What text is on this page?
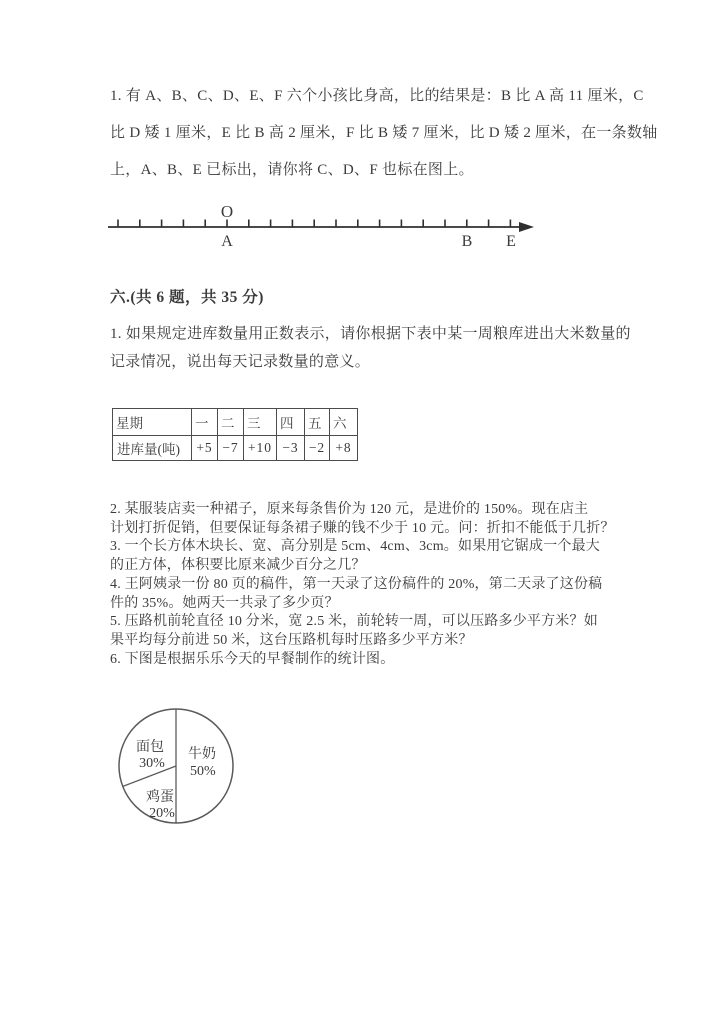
1. 有 A、B、C、D、E、F 六个小孩比身高，比的结果是：B 比 A 高 11 厘米，C
比 D 矮 1 厘米，E 比 B 高 2 厘米，F 比 B 矮 7 厘米，比 D 矮 2 厘米，在一条数轴
上，A、B、E 已标出，请你将 C、D、F 也标在图上。
O
A	B E
六.(共 6 题，共 35 分)
1. 如果规定进库数量用正数表示，请你根据下表中某一周粮库进出大米数量的
记录情况，说出每天记录数量的意义。
星期	一	二	三	四	五	六
进库量(吨)	+5	−7	+10	−3	−2	+8
2. 某服装店卖一种裙子，原来每条售价为 120 元，是进价的 150%。现在店主
计划打折促销，但要保证每条裙子赚的钱不少于 10 元。问：折扣不能低于几折？
3. 一个长方体木块长、宽、高分别是 5cm、4cm、3cm。如果用它锯成一个最大
的正方体，体积要比原来减少百分之几？
4. 王阿姨录一份 80 页的稿件，第一天录了这份稿件的 20%，第二天录了这份稿
件的 35%。她两天一共录了多少页？
5. 压路机前轮直径 10 分米，宽 2.5 米，前轮转一周，可以压路多少平方米？如
果平均每分前进 50 米，这台压路机每时压路多少平方米？
6. 下图是根据乐乐今天的早餐制作的统计图。
牛奶
50%
面包
30%
鸡蛋
20%
